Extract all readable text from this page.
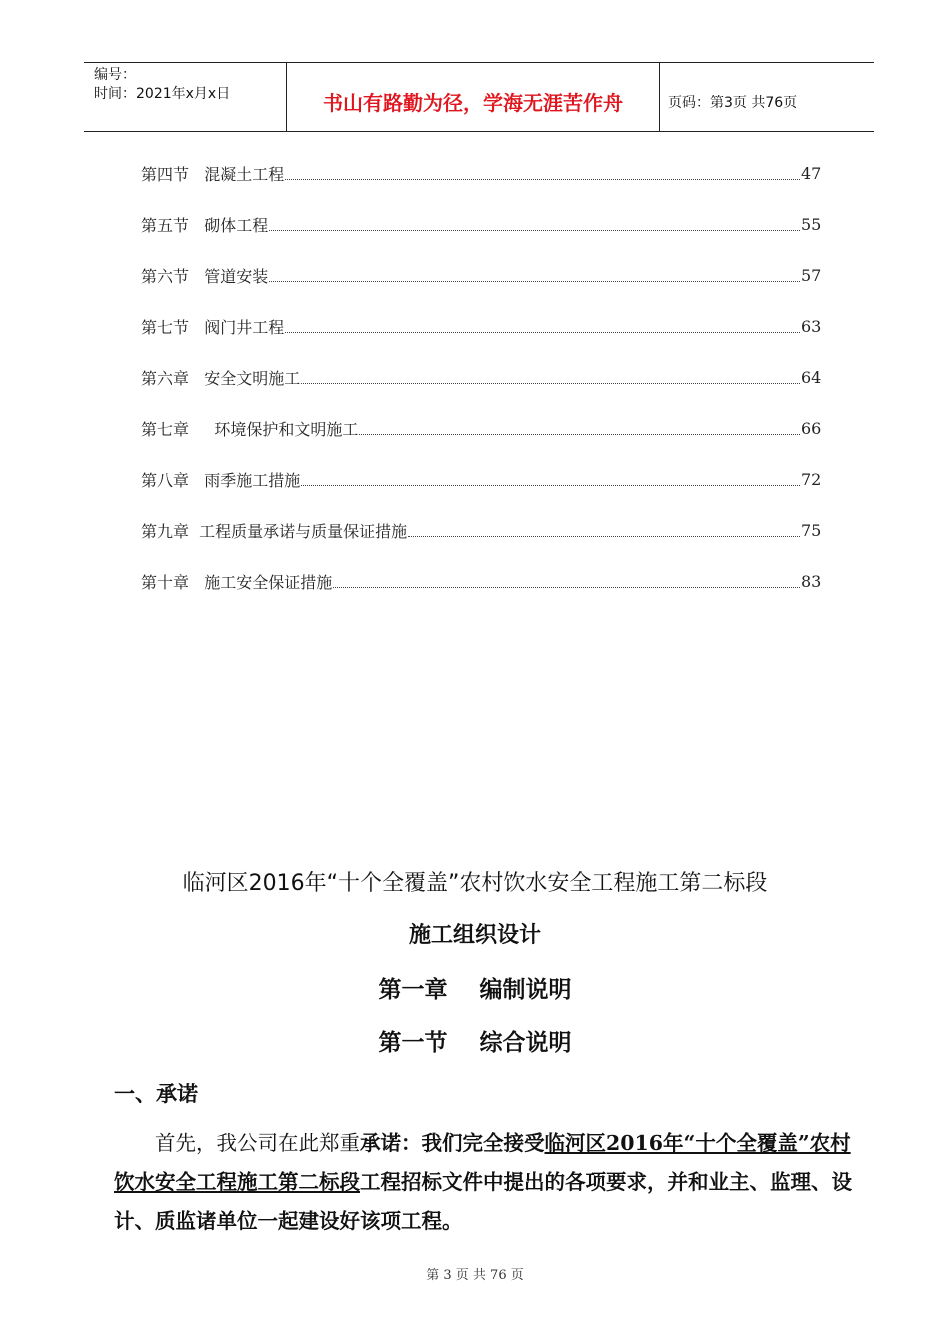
编号：
时间：2021年x月x日	书山有路勤为径，学海无涯苦作舟	页码：第3页 共76页
第四节   混凝土工程	47
第五节   砌体工程	55
第六节   管道安装	57
第七节   阀门井工程	63
第六章   安全文明施工	64
第七章     环境保护和文明施工	66
第八章   雨季施工措施	72
第九章  工程质量承诺与质量保证措施	75
第十章   施工安全保证措施	83
临河区2016年“十个全覆盖”农村饮水安全工程施工第二标段
施工组织设计
第一章    编制说明
第一节    综合说明
一、承诺
首先，我公司在此郑重承诺：我们完全接受临河区2016年“十个全覆盖”农村饮水安全工程施工第二标段工程招标文件中提出的各项要求，并和业主、监理、设计、质监诸单位一起建设好该项工程。
第 3 页 共 76 页
